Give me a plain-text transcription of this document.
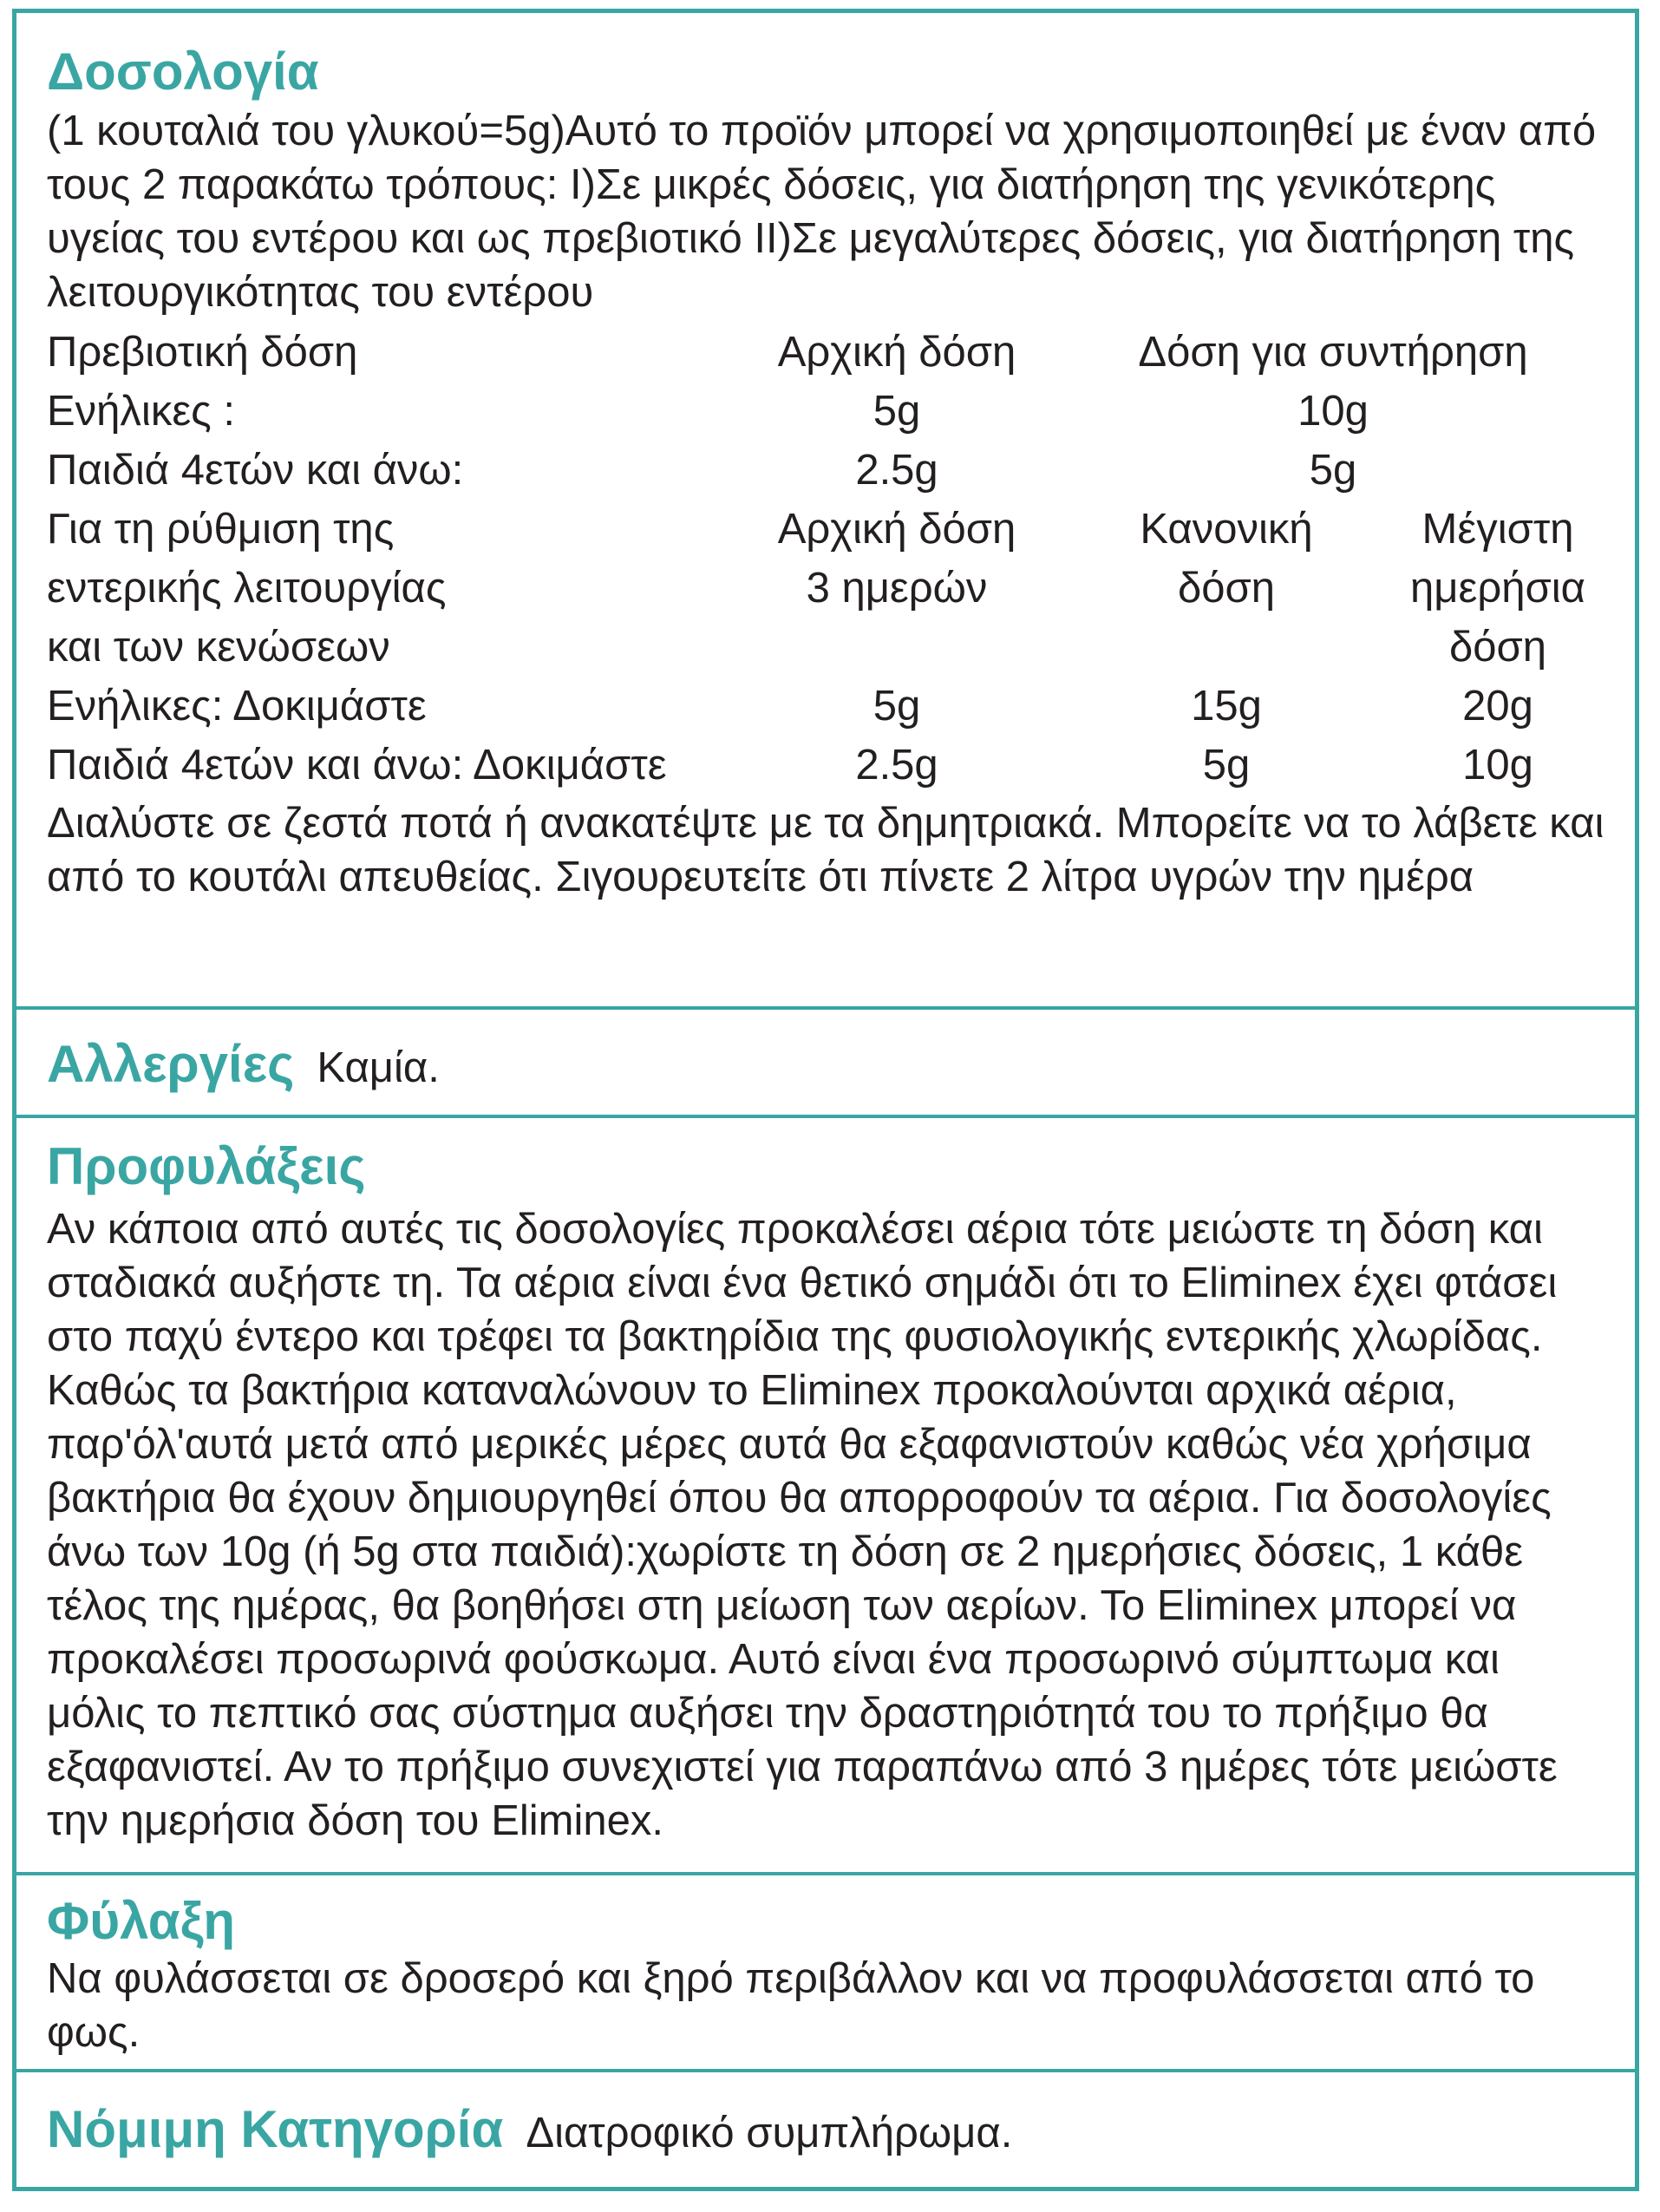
Δοσολογία
(1 κουταλιά του γλυκού=5g)Αυτό το προϊόν μπορεί να χρησιμοποιηθεί με έναν από τους 2 παρακάτω τρόπους: I)Σε μικρές δόσεις, για διατήρηση της γενικότερης υγείας του εντέρου και ως πρεβιοτικό II)Σε μεγαλύτερες δόσεις, για διατήρηση της λειτουργικότητας του εντέρου
Πρεβιοτική δόση	Αρχική δόση	Δόση για συντήρηση
Ενήλικες :	5g	10g
Παιδιά 4ετών και άνω:	2.5g	5g
Για τη ρύθμιση της	Αρχική δόση	Κανονική	Μέγιστη
εντερικής λειτουργίας	3 ημερών	δόση	ημερήσια
και των κενώσεων			δόση
Ενήλικες: Δοκιμάστε	5g	15g	20g
Παιδιά 4ετών και άνω: Δοκιμάστε	2.5g	5g	10g
Διαλύστε σε ζεστά ποτά ή ανακατέψτε με τα δημητριακά. Μπορείτε να το λάβετε και από το κουτάλι απευθείας. Σιγουρευτείτε ότι πίνετε 2 λίτρα υγρών την ημέρα
Αλλεργίες Καμία.
Προφυλάξεις
Αν κάποια από αυτές τις δοσολογίες προκαλέσει αέρια τότε μειώστε τη δόση και σταδιακά αυξήστε τη. Τα αέρια είναι ένα θετικό σημάδι ότι το Eliminex έχει φτάσει στο παχύ έντερο και τρέφει τα βακτηρίδια της φυσιολογικής εντερικής χλωρίδας. Καθώς τα βακτήρια καταναλώνουν το Eliminex προκαλούνται αρχικά αέρια, παρ'όλ'αυτά μετά από μερικές μέρες αυτά θα εξαφανιστούν καθώς νέα χρήσιμα βακτήρια θα έχουν δημιουργηθεί όπου θα απορροφούν τα αέρια. Για δοσολογίες άνω των 10g (ή 5g στα παιδιά):χωρίστε τη δόση σε 2 ημερήσιες δόσεις, 1 κάθε τέλος της ημέρας, θα βοηθήσει στη μείωση των αερίων. Το Eliminex μπορεί να προκαλέσει προσωρινά φούσκωμα. Αυτό είναι ένα προσωρινό σύμπτωμα και μόλις το πεπτικό σας σύστημα αυξήσει την δραστηριότητά του το πρήξιμο θα εξαφανιστεί. Αν το πρήξιμο συνεχιστεί για παραπάνω από 3 ημέρες τότε μειώστε την ημερήσια δόση του Eliminex.
Φύλαξη
Να φυλάσσεται σε δροσερό και ξηρό περιβάλλον και να προφυλάσσεται από το φως.
Νόμιμη Κατηγορία Διατροφικό συμπλήρωμα.
